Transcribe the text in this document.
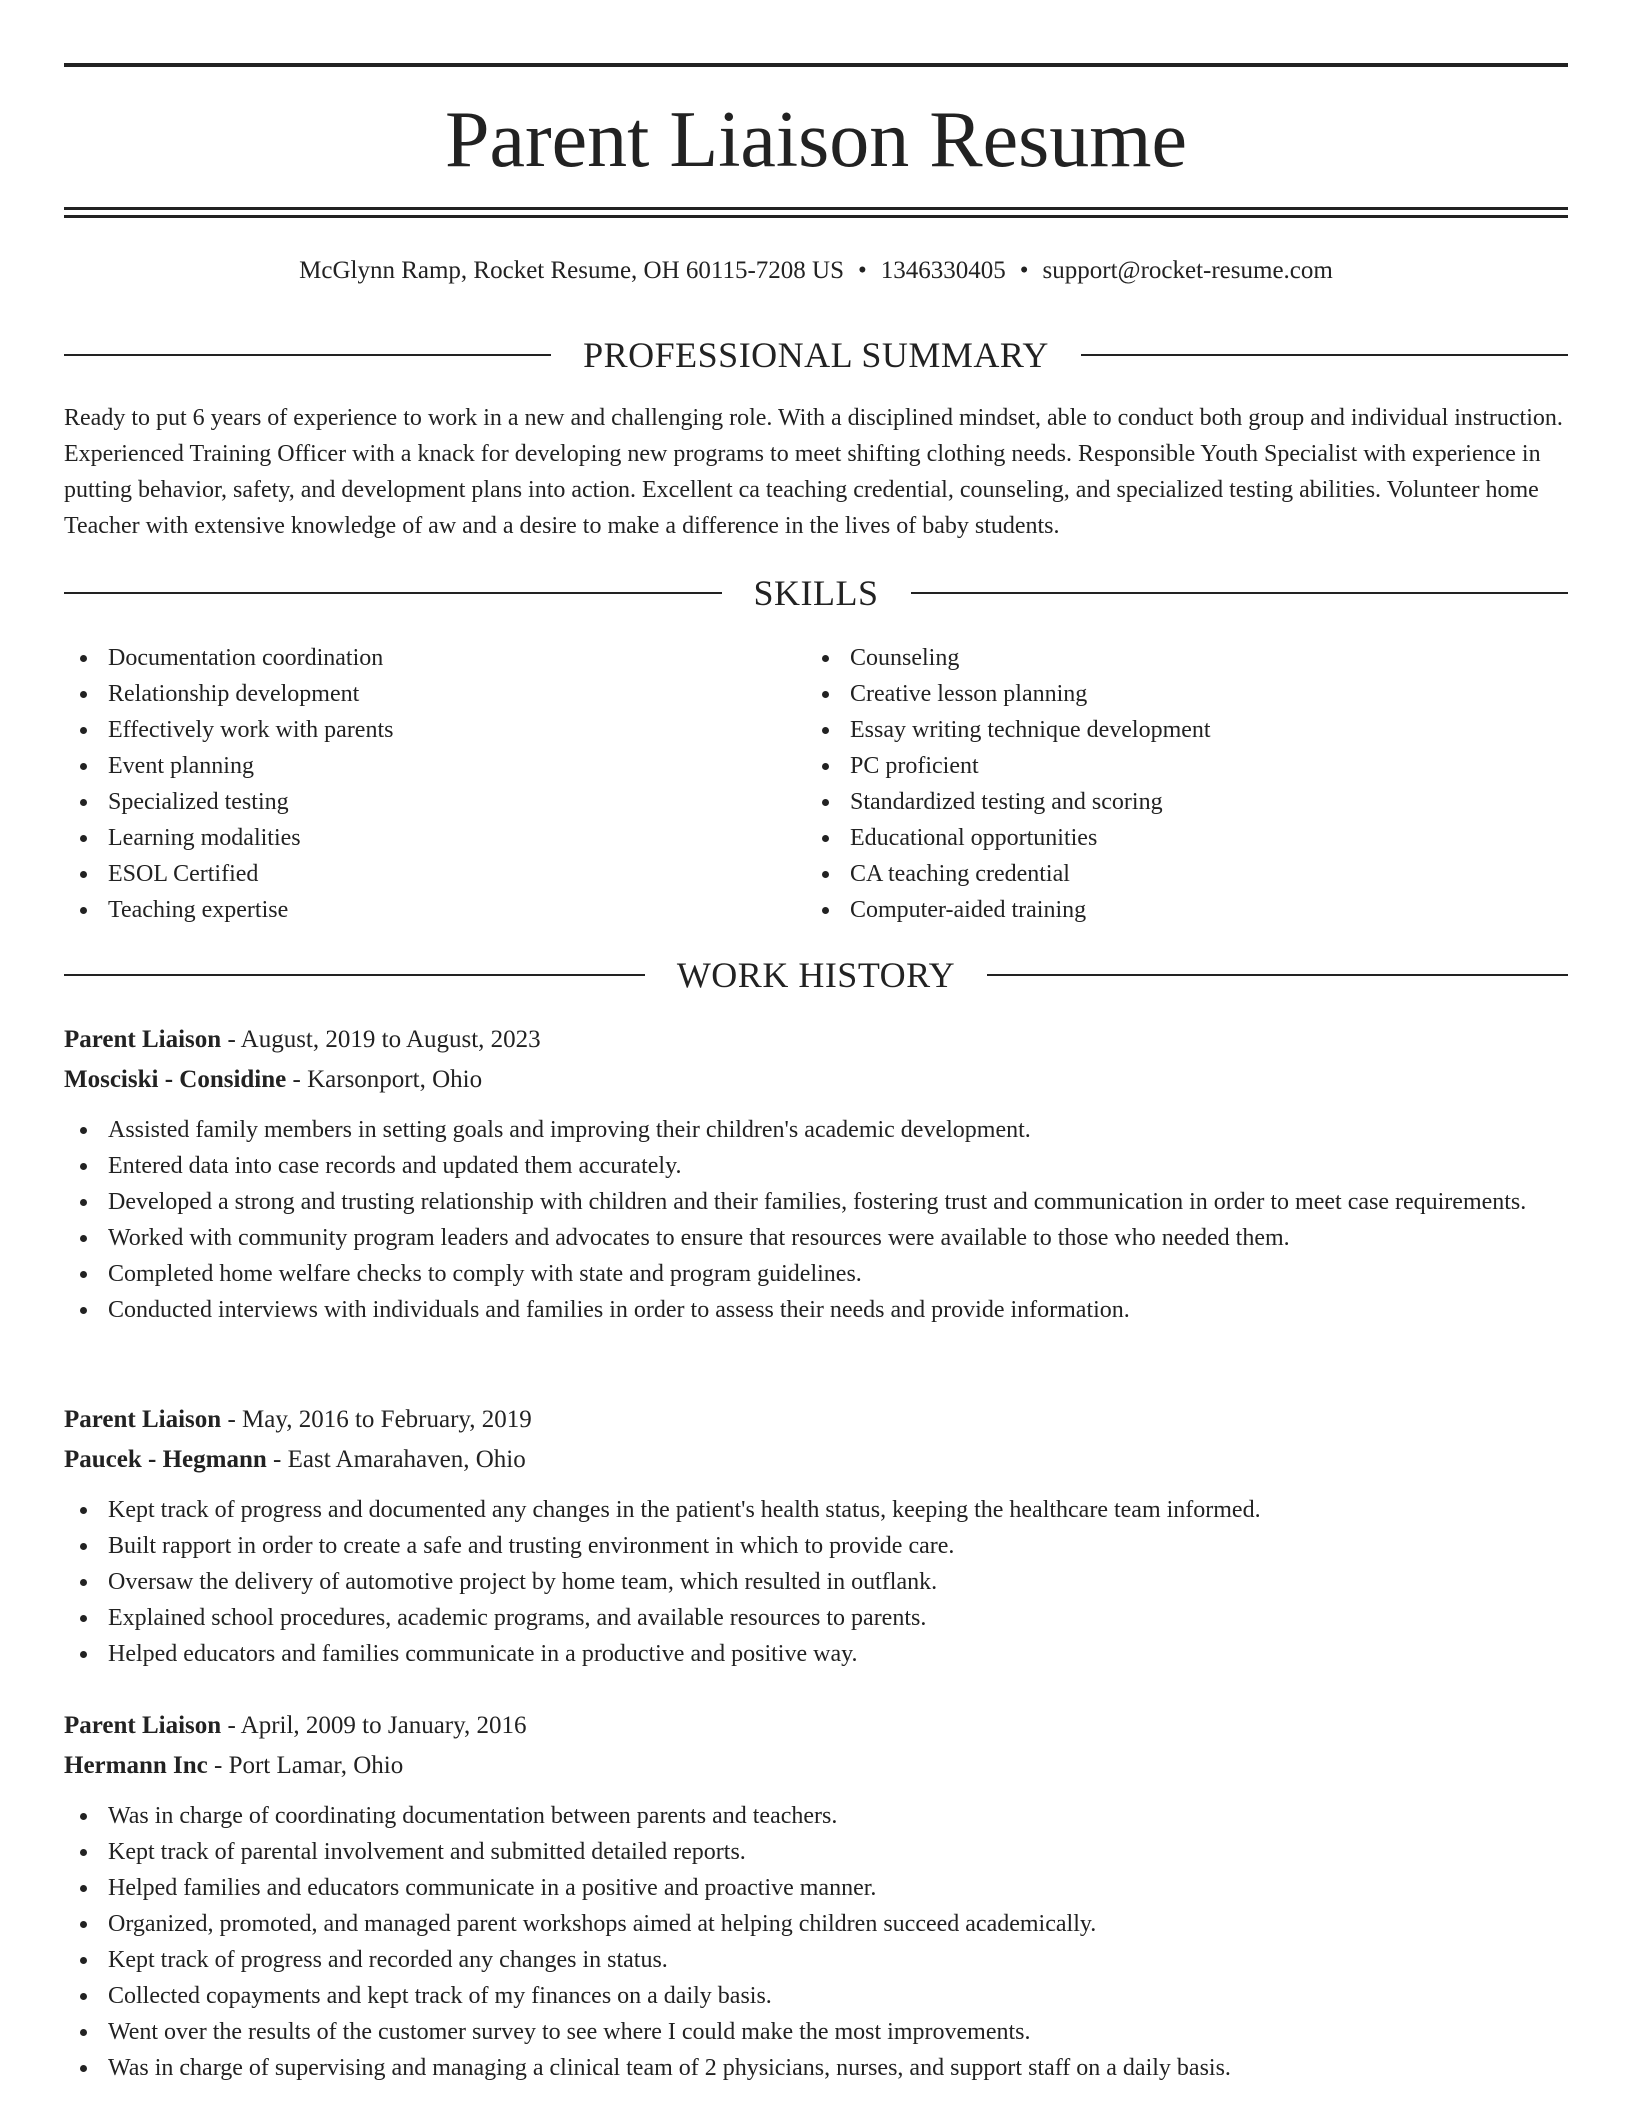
Parent Liaison Resume
McGlynn Ramp, Rocket Resume, OH 60115-7208 US • 1346330405 • support@rocket-resume.com
PROFESSIONAL SUMMARY

Ready to put 6 years of experience to work in a new and challenging role. With a disciplined mindset, able to conduct both group and individual instruction. Experienced Training Officer with a knack for developing new programs to meet shifting clothing needs. Responsible Youth Specialist with experience in putting behavior, safety, and development plans into action. Excellent ca teaching credential, counseling, and specialized testing abilities. Volunteer home Teacher with extensive knowledge of aw and a desire to make a difference in the lives of baby students.

SKILLS
Documentation coordination
Relationship development
Effectively work with parents
Event planning
Specialized testing
Learning modalities
ESOL Certified
Teaching expertise
Counseling
Creative lesson planning
Essay writing technique development
PC proficient
Standardized testing and scoring
Educational opportunities
CA teaching credential
Computer-aided training
WORK HISTORY
Parent Liaison - August, 2019 to August, 2023
Mosciski - Considine - Karsonport, Ohio
Assisted family members in setting goals and improving their children's academic development.
Entered data into case records and updated them accurately.
Developed a strong and trusting relationship with children and their families, fostering trust and communication in order to meet case requirements.
Worked with community program leaders and advocates to ensure that resources were available to those who needed them.
Completed home welfare checks to comply with state and program guidelines.
Conducted interviews with individuals and families in order to assess their needs and provide information.
Parent Liaison - May, 2016 to February, 2019
Paucek - Hegmann - East Amarahaven, Ohio
Kept track of progress and documented any changes in the patient's health status, keeping the healthcare team informed.
Built rapport in order to create a safe and trusting environment in which to provide care.
Oversaw the delivery of automotive project by home team, which resulted in outflank.
Explained school procedures, academic programs, and available resources to parents.
Helped educators and families communicate in a productive and positive way.
Parent Liaison - April, 2009 to January, 2016
Hermann Inc - Port Lamar, Ohio
Was in charge of coordinating documentation between parents and teachers.
Kept track of parental involvement and submitted detailed reports.
Helped families and educators communicate in a positive and proactive manner.
Organized, promoted, and managed parent workshops aimed at helping children succeed academically.
Kept track of progress and recorded any changes in status.
Collected copayments and kept track of my finances on a daily basis.
Went over the results of the customer survey to see where I could make the most improvements.
Was in charge of supervising and managing a clinical team of 2 physicians, nurses, and support staff on a daily basis.
